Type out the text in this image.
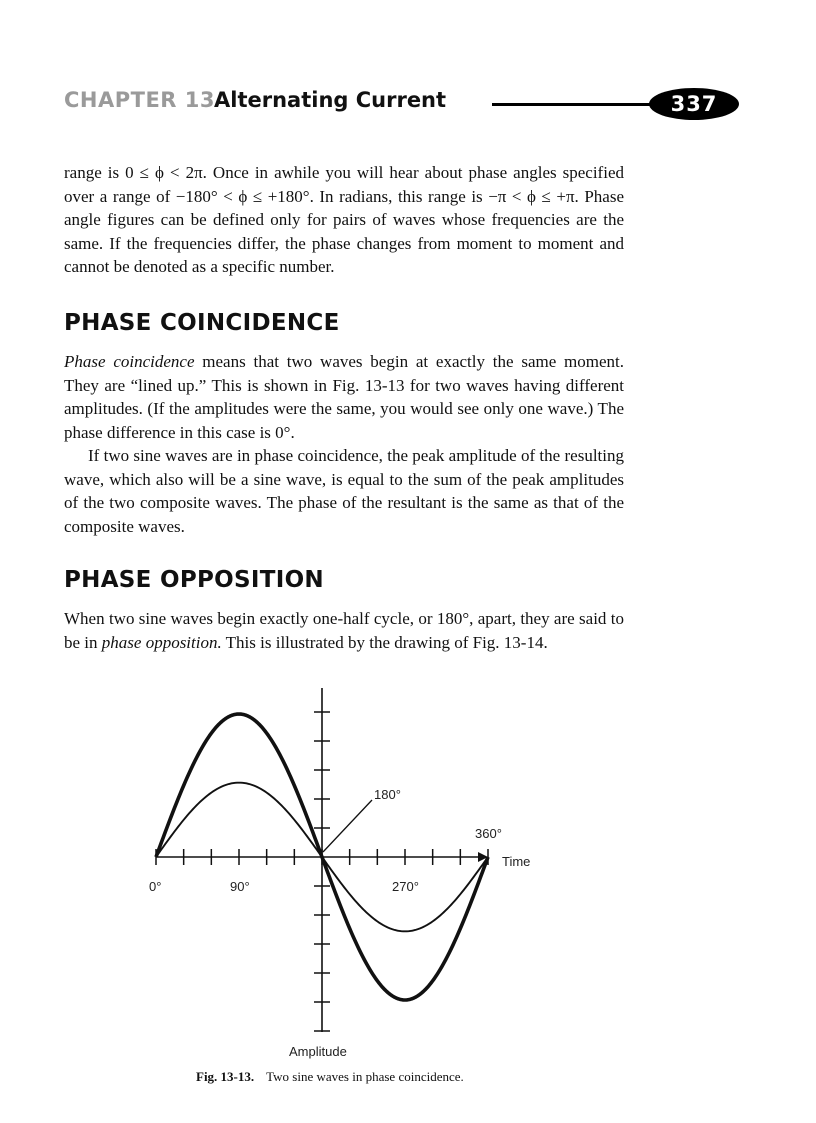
CHAPTER 13
Alternating Current	337

range is 0 ≤ ϕ < 2π. Once in awhile you will hear about phase angles specified over a range of −180° < ϕ ≤ +180°. In radians, this range is −π < ϕ ≤ +π. Phase angle figures can be defined only for pairs of waves whose frequencies are the same. If the frequencies differ, the phase changes from moment to moment and cannot be denoted as a specific number.

PHASE COINCIDENCE

Phase coincidence means that two waves begin at exactly the same moment. They are “lined up.” This is shown in Fig. 13-13 for two waves having different amplitudes. (If the amplitudes were the same, you would see only one wave.) The phase difference in this case is 0°.

If two sine waves are in phase coincidence, the peak amplitude of the resulting wave, which also will be a sine wave, is equal to the sum of the peak amplitudes of the two composite waves. The phase of the resultant is the same as that of the composite waves.

PHASE OPPOSITION

When two sine waves begin exactly one-half cycle, or 180°, apart, they are said to be in phase opposition. This is illustrated by the drawing of Fig. 13-14.

180°
360°
Time
0°	90°	270°
Amplitude
Fig. 13-13. Two sine waves in phase coincidence.
